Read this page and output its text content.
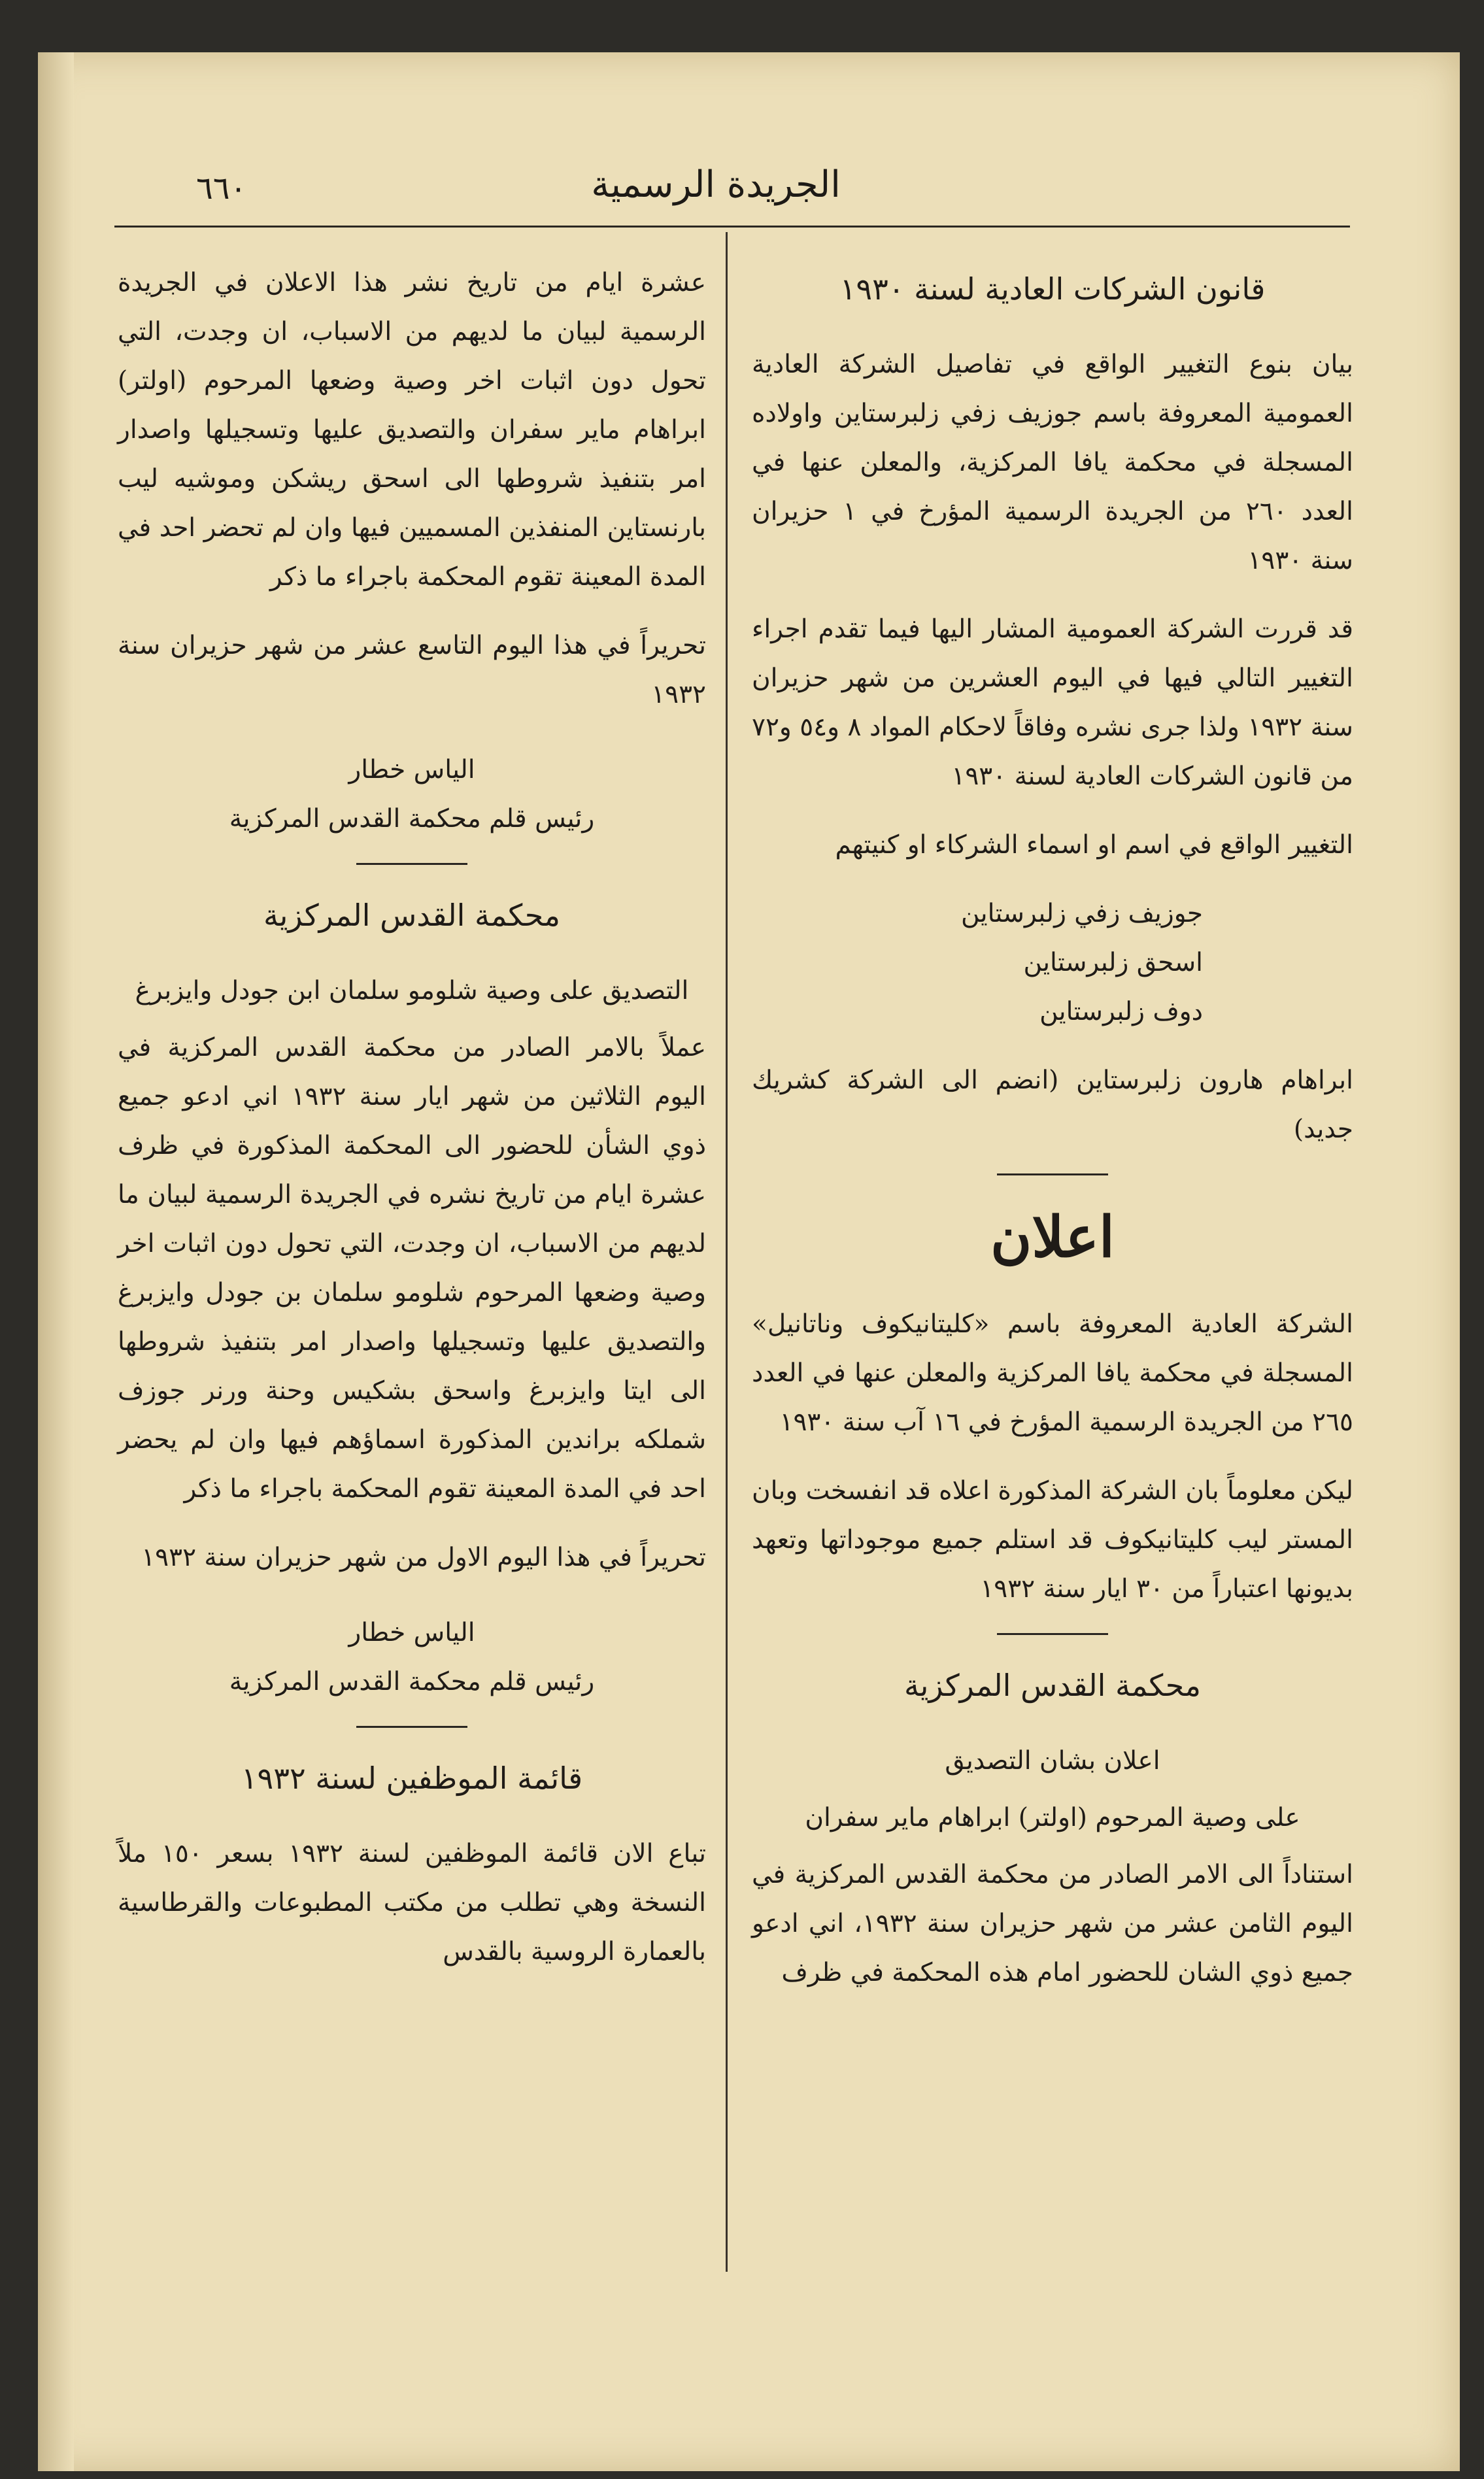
٦٦٠	الجريدة الرسمية
قانون الشركات العادية لسنة ١٩٣٠

بيان بنوع التغيير الواقع في تفاصيل الشركة العادية العمومية المعروفة باسم جوزيف زفي زلبرستاين واولاده المسجلة في محكمة يافا المركزية، والمعلن عنها في العدد ٢٦٠ من الجريدة الرسمية المؤرخ في ١ حزيران سنة ١٩٣٠

قد قررت الشركة العمومية المشار اليها فيما تقدم اجراء التغيير التالي فيها في اليوم العشرين من شهر حزيران سنة ١٩٣٢ ولذا جرى نشره وفاقاً لاحكام المواد ٨ و٥٤ و٧٢ من قانون الشركات العادية لسنة ١٩٣٠

التغيير الواقع في اسم او اسماء الشركاء او كنيتهم

جوزيف زفي زلبرستاين
اسحق زلبرستاين
دوف زلبرستاين

ابراهام هارون زلبرستاين (انضم الى الشركة كشريك جديد)

اعلان

الشركة العادية المعروفة باسم «كليتانيكوف وناتانيل» المسجلة في محكمة يافا المركزية والمعلن عنها في العدد ٢٦٥ من الجريدة الرسمية المؤرخ في ١٦ آب سنة ١٩٣٠

ليكن معلوماً بان الشركة المذكورة اعلاه قد انفسخت وبان المستر ليب كليتانيكوف قد استلم جميع موجوداتها وتعهد بديونها اعتباراً من ٣٠ ايار سنة ١٩٣٢

محكمة القدس المركزية
اعلان بشان التصديق
على وصية المرحوم (اولتر) ابراهام ماير سفران

استناداً الى الامر الصادر من محكمة القدس المركزية في اليوم الثامن عشر من شهر حزيران سنة ١٩٣٢، اني ادعو جميع ذوي الشان للحضور امام هذه المحكمة في ظرف

عشرة ايام من تاريخ نشر هذا الاعلان في الجريدة الرسمية لبيان ما لديهم من الاسباب، ان وجدت، التي تحول دون اثبات اخر وصية وضعها المرحوم (اولتر) ابراهام ماير سفران والتصديق عليها وتسجيلها واصدار امر بتنفيذ شروطها الى اسحق ريشكن وموشيه ليب بارنستاين المنفذين المسميين فيها وان لم تحضر احد في المدة المعينة تقوم المحكمة باجراء ما ذكر

تحريراً في هذا اليوم التاسع عشر من شهر حزيران سنة ١٩٣٢

الياس خطار
رئيس قلم محكمة القدس المركزية
محكمة القدس المركزية
التصديق على وصية شلومو سلمان ابن جودل وايزبرغ

عملاً بالامر الصادر من محكمة القدس المركزية في اليوم الثلاثين من شهر ايار سنة ١٩٣٢ اني ادعو جميع ذوي الشأن للحضور الى المحكمة المذكورة في ظرف عشرة ايام من تاريخ نشره في الجريدة الرسمية لبيان ما لديهم من الاسباب، ان وجدت، التي تحول دون اثبات اخر وصية وضعها المرحوم شلومو سلمان بن جودل وايزبرغ والتصديق عليها وتسجيلها واصدار امر بتنفيذ شروطها الى ايتا وايزبرغ واسحق بشكيس وحنة ورنر جوزف شملكه براندين المذكورة اسماؤهم فيها وان لم يحضر احد في المدة المعينة تقوم المحكمة باجراء ما ذكر

تحريراً في هذا اليوم الاول من شهر حزيران سنة ١٩٣٢

الياس خطار
رئيس قلم محكمة القدس المركزية
قائمة الموظفين لسنة ١٩٣٢

تباع الان قائمة الموظفين لسنة ١٩٣٢ بسعر ١٥٠ ملاً النسخة وهي تطلب من مكتب المطبوعات والقرطاسية بالعمارة الروسية بالقدس
